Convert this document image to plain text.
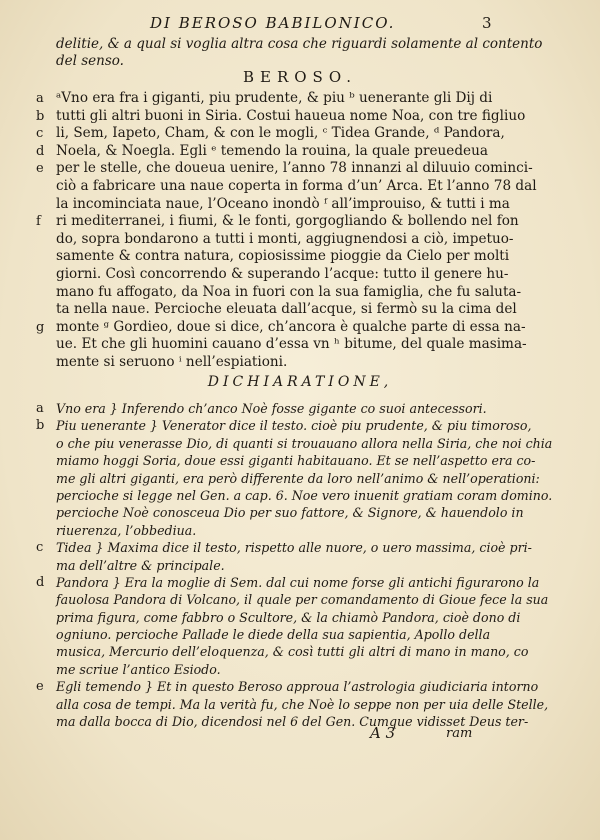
DI BEROSO BABILONICO.	3
delitie, & a qual si voglia altra cosa che riguardi solamente al contento
del senso.
BEROSO.
a ᵃVno era fra i giganti, piu prudente, & piu ᵇ uenerante gli Dij di
b tutti gli altri buoni in Siria. Costui haueua nome Noa, con tre figliuo
c li, Sem, Iapeto, Cham, & con le mogli, ᶜ Tidea Grande, ᵈ Pandora,
d Noela, & Noegla. Egli ᵉ temendo la rouina, la quale preuedeua
e per le stelle, che doueua uenire, l’anno 78 innanzi al diluuio cominci-
ciò a fabricare una naue coperta in forma d’un’ Arca. Et l’anno 78 dal
la incominciata naue, l’Oceano inondò ᶠ all’improuiso, & tutti i ma
f	ri mediterranei, i fiumi, & le fonti, gorgogliando & bollendo nel fon
do, sopra bondarono a tutti i monti, aggiugnendosi a ciò, impetuo-
samente & contra natura, copiosissime pioggie da Cielo per molti
giorni. Così concorrendo & superando l’acque: tutto il genere hu-
mano fu affogato, da Noa in fuori con la sua famiglia, che fu saluta-
ta nella naue. Percioche eleuata dall’acque, si fermò su la cima del
g monte ᵍ Gordieo, doue si dice, ch’ancora è qualche parte di essa na-
ue. Et che gli huomini cauano d’essa vn ʰ bitume, del quale masima-
mente si seruono ⁱ nell’espiationi.
DICHIARATIONE,
a Vno era } Inferendo ch’anco Noè fosse gigante co suoi antecessori.
b Piu uenerante } Venerator dice il testo. cioè piu prudente, & piu timoroso,
o che piu venerasse Dio, di quanti si trouauano allora nella Siria, che noi chia
miamo hoggi Soria, doue essi giganti habitauano. Et se nell’aspetto era co-
me gli altri giganti, era però differente da loro nell’animo & nell’operationi:
percioche si legge nel Gen. a cap. 6. Noe vero inuenit gratiam coram domino.
percioche Noè conosceua Dio per suo fattore, & Signore, & hauendolo in
riuerenza, l’obbediua.
c	Tidea } Maxima dice il testo, rispetto alle nuore, o uero massima, cioè pri-
ma dell’altre & principale.
d Pandora } Era la moglie di Sem. dal cui nome forse gli antichi figurarono la
fauolosa Pandora di Volcano, il quale per comandamento di Gioue fece la sua
prima figura, come fabbro o Scultore, & la chiamò Pandora, cioè dono di
ogniuno. percioche Pallade le diede della sua sapientia, Apollo della
musica, Mercurio dell’eloquenza, & così tutti gli altri di mano in mano, co
me scriue l’antico Esiodo.
e Egli temendo } Et in questo Beroso approua l’astrologia giudiciaria intorno
alla cosa de tempi. Ma la verità fu, che Noè lo seppe non per uia delle Stelle,
ma dalla bocca di Dio, dicendosi nel 6 del Gen. Cumque vidisset Deus ter-
A 3	ram
